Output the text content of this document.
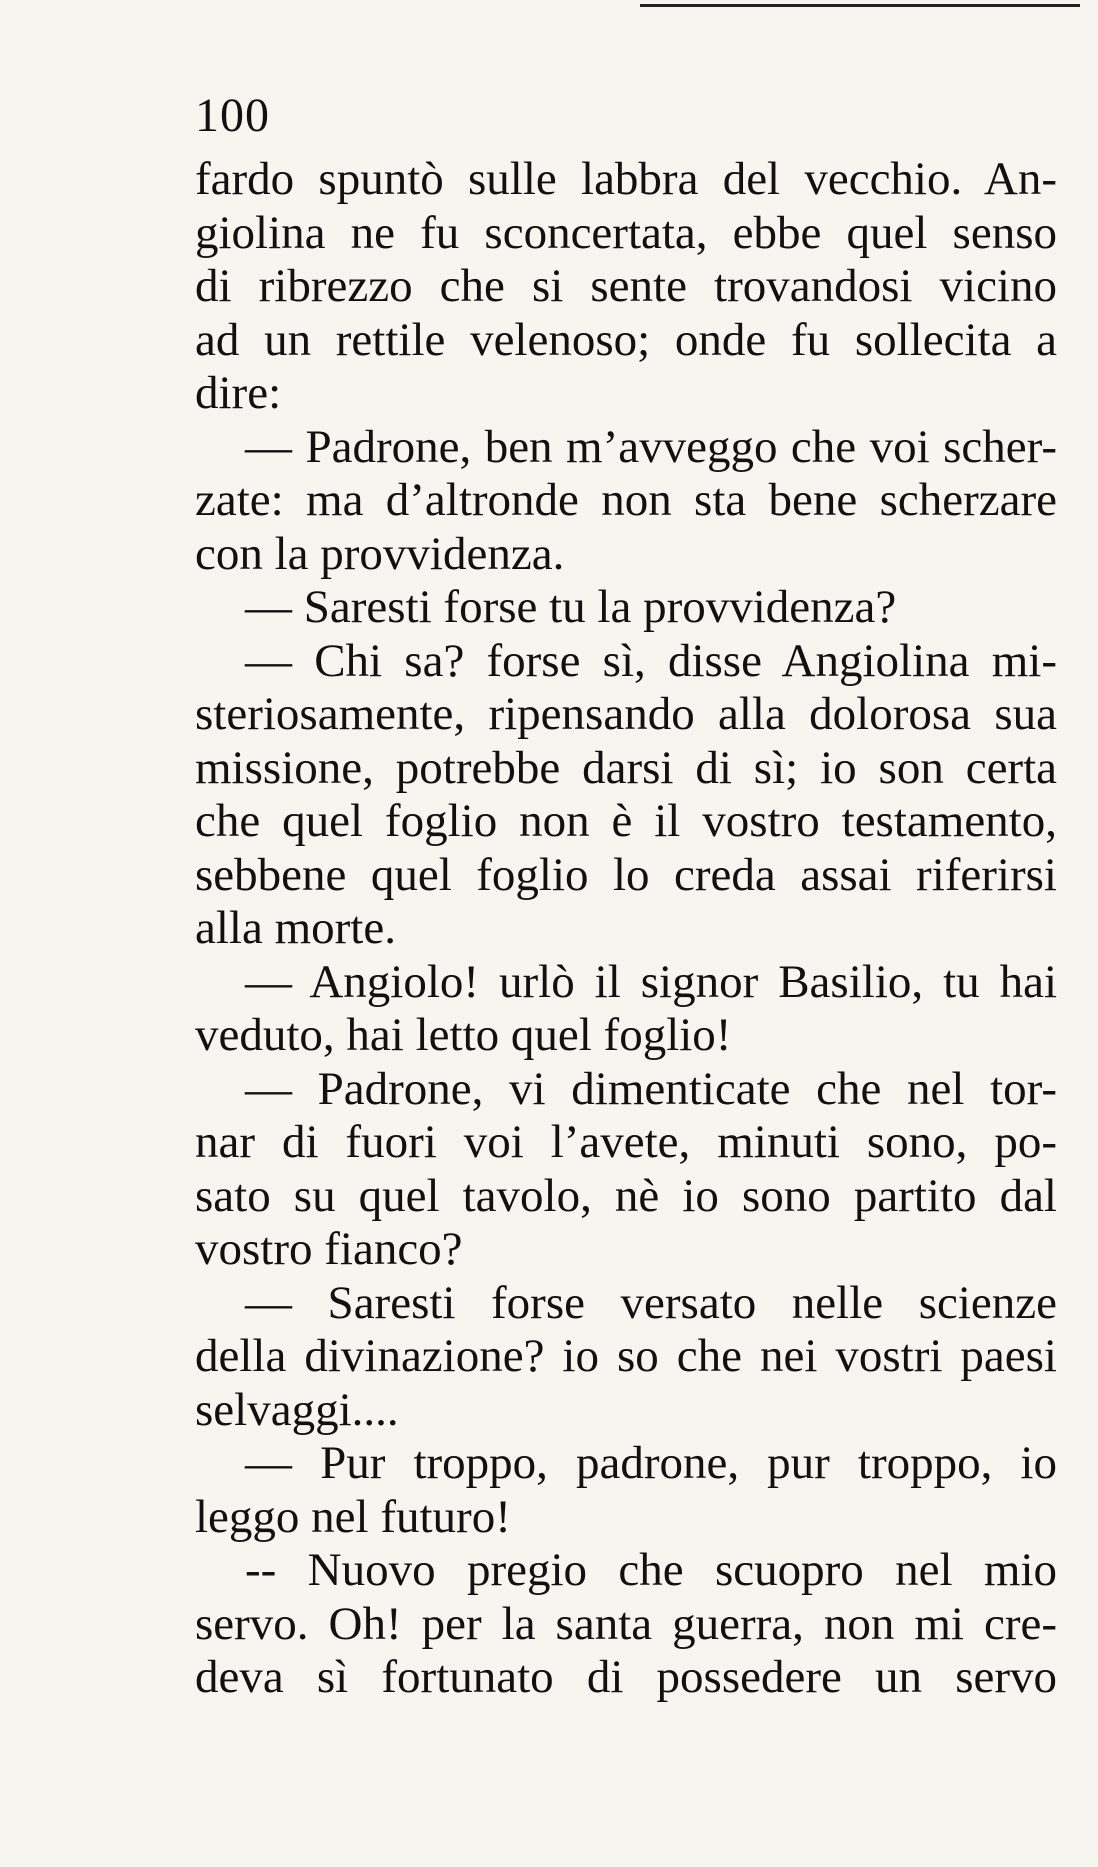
100
fardo spuntò sulle labbra del vecchio. An-
giolina ne fu sconcertata, ebbe quel senso
di ribrezzo che si sente trovandosi vicino
ad un rettile velenoso; onde fu sollecita a
dire:
— Padrone, ben m’avveggo che voi scher-
zate: ma d’altronde non sta bene scherzare
con la provvidenza.
— Saresti forse tu la provvidenza?
— Chi sa? forse sì, disse Angiolina mi-
steriosamente, ripensando alla dolorosa sua
missione, potrebbe darsi di sì; io son certa
che quel foglio non è il vostro testamento,
sebbene quel foglio lo creda assai riferirsi
alla morte.
— Angiolo! urlò il signor Basilio, tu hai
veduto, hai letto quel foglio!
— Padrone, vi dimenticate che nel tor-
nar di fuori voi l’avete, minuti sono, po-
sato su quel tavolo, nè io sono partito dal
vostro fianco?
— Saresti forse versato nelle scienze
della divinazione? io so che nei vostri paesi
selvaggi....
— Pur troppo, padrone, pur troppo, io
leggo nel futuro!
-- Nuovo pregio che scuopro nel mio
servo. Oh! per la santa guerra, non mi cre-
deva sì fortunato di possedere un servo
